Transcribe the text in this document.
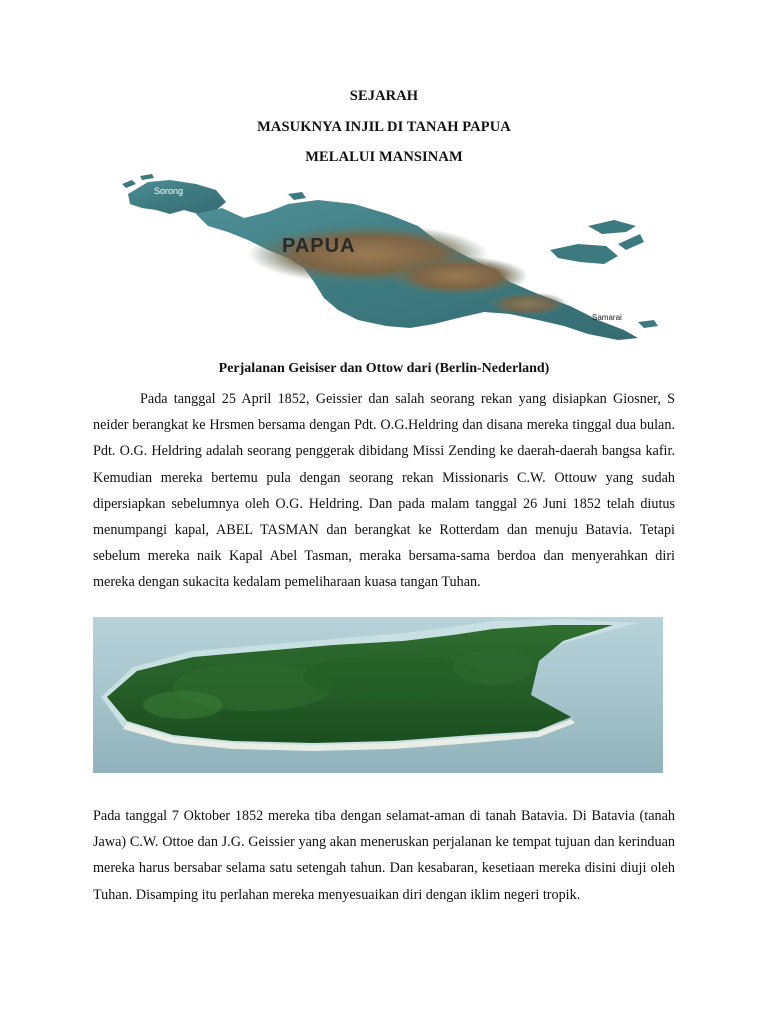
SEJARAH
MASUKNYA INJIL DI TANAH PAPUA
MELALUI MANSINAM
Sorong
PAPUA
Samarai
Perjalanan Geisiser dan Ottow dari (Berlin-Nederland)

Pada tanggal 25 April 1852, Geissier dan salah seorang rekan yang disiapkan Giosner, S neider berangkat ke Hrsmen bersama dengan Pdt. O.G.Heldring dan disana mereka tinggal dua bulan. Pdt. O.G. Heldring adalah seorang penggerak dibidang Missi Zending ke daerah-daerah bangsa kafir. Kemudian mereka bertemu pula dengan seorang rekan Missionaris C.W. Ottouw yang sudah dipersiapkan sebelumnya oleh O.G. Heldring. Dan pada malam tanggal 26 Juni 1852 telah diutus menumpangi kapal, ABEL TASMAN dan berangkat ke Rotterdam dan menuju Batavia. Tetapi sebelum mereka naik Kapal Abel Tasman, meraka bersama-sama berdoa dan menyerahkan diri mereka dengan sukacita kedalam pemeliharaan kuasa tangan Tuhan.

Pada tanggal 7 Oktober 1852 mereka tiba dengan selamat-aman di tanah Batavia. Di Batavia (tanah Jawa) C.W. Ottoe dan J.G. Geissier yang akan meneruskan perjalanan ke tempat tujuan dan kerinduan mereka harus bersabar selama satu setengah tahun. Dan kesabaran, kesetiaan mereka disini diuji oleh Tuhan. Disamping itu perlahan mereka menyesuaikan diri dengan iklim negeri tropik.
